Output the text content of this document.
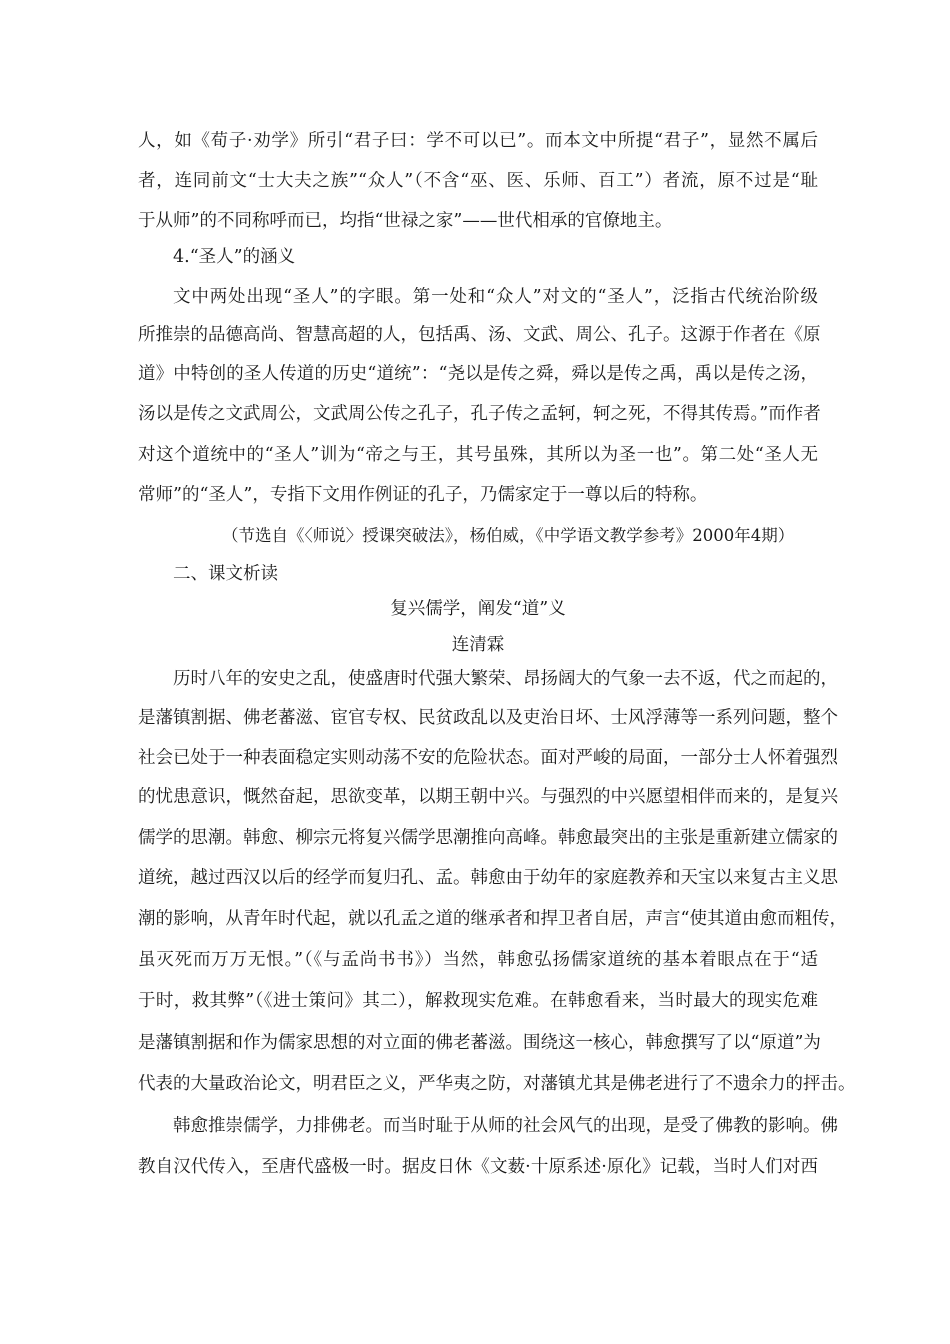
人，如《荀子·劝学》所引“君子曰：学不可以已”。而本文中所提“君子”，显然不属后
者，连同前文“士大夫之族”“众人”（不含“巫、医、乐师、百工”）者流，原不过是“耻
于从师”的不同称呼而已，均指“世禄之家”——世代相承的官僚地主。
4.“圣人”的涵义
文中两处出现“圣人”的字眼。第一处和“众人”对文的“圣人”，泛指古代统治阶级
所推崇的品德高尚、智慧高超的人，包括禹、汤、文武、周公、孔子。这源于作者在《原
道》中特创的圣人传道的历史“道统”：“尧以是传之舜，舜以是传之禹，禹以是传之汤，
汤以是传之文武周公，文武周公传之孔子，孔子传之孟轲，轲之死，不得其传焉。”而作者
对这个道统中的“圣人”训为“帝之与王，其号虽殊，其所以为圣一也”。第二处“圣人无
常师”的“圣人”，专指下文用作例证的孔子，乃儒家定于一尊以后的特称。
（节选自《〈师说〉授课突破法》，杨伯威，《中学语文教学参考》2000年4期）
二、课文析读
复兴儒学，阐发“道”义
连清霖
历时八年的安史之乱，使盛唐时代强大繁荣、昂扬阔大的气象一去不返，代之而起的，
是藩镇割据、佛老蕃滋、宦官专权、民贫政乱以及吏治日坏、士风浮薄等一系列问题，整个
社会已处于一种表面稳定实则动荡不安的危险状态。面对严峻的局面，一部分士人怀着强烈
的忧患意识，慨然奋起，思欲变革，以期王朝中兴。与强烈的中兴愿望相伴而来的，是复兴
儒学的思潮。韩愈、柳宗元将复兴儒学思潮推向高峰。韩愈最突出的主张是重新建立儒家的
道统，越过西汉以后的经学而复归孔、孟。韩愈由于幼年的家庭教养和天宝以来复古主义思
潮的影响，从青年时代起，就以孔孟之道的继承者和捍卫者自居，声言“使其道由愈而粗传，
虽灭死而万万无恨。”（《与孟尚书书》）当然，韩愈弘扬儒家道统的基本着眼点在于“适
于时，救其弊”（《进士策问》其二），解救现实危难。在韩愈看来，当时最大的现实危难
是藩镇割据和作为儒家思想的对立面的佛老蕃滋。围绕这一核心，韩愈撰写了以“原道”为
代表的大量政治论文，明君臣之义，严华夷之防，对藩镇尤其是佛老进行了不遗余力的抨击。
韩愈推崇儒学，力排佛老。而当时耻于从师的社会风气的出现，是受了佛教的影响。佛
教自汉代传入，至唐代盛极一时。据皮日休《文薮·十原系述·原化》记载，当时人们对西
